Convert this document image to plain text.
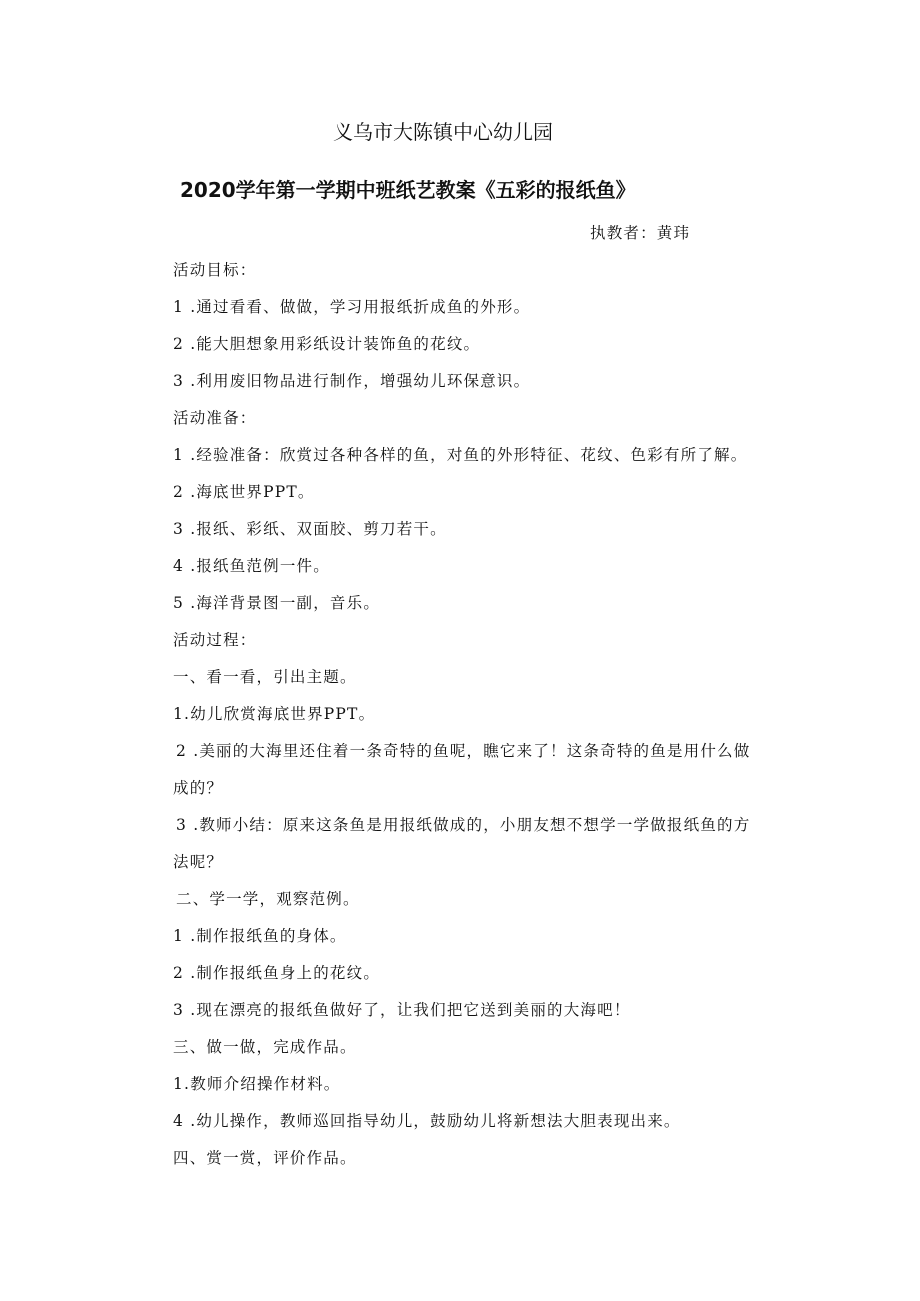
义乌市大陈镇中心幼儿园
2020学年第一学期中班纸艺教案《五彩的报纸鱼》
执教者：黄玮
活动目标：
1 .通过看看、做做，学习用报纸折成鱼的外形。
2 .能大胆想象用彩纸设计装饰鱼的花纹。
3 .利用废旧物品进行制作，增强幼儿环保意识。
活动准备：
1 .经验准备：欣赏过各种各样的鱼，对鱼的外形特征、花纹、色彩有所了解。
2 .海底世界PPT。
3 .报纸、彩纸、双面胶、剪刀若干。
4 .报纸鱼范例一件。
5 .海洋背景图一副，音乐。
活动过程：
一、看一看，引出主题。
1.幼儿欣赏海底世界PPT。
2 .美丽的大海里还住着一条奇特的鱼呢，瞧它来了！这条奇特的鱼是用什么做
成的？
3 .教师小结：原来这条鱼是用报纸做成的，小朋友想不想学一学做报纸鱼的方
法呢？
二、学一学，观察范例。
1 .制作报纸鱼的身体。
2 .制作报纸鱼身上的花纹。
3 .现在漂亮的报纸鱼做好了，让我们把它送到美丽的大海吧！
三、做一做，完成作品。
1.教师介绍操作材料。
4 .幼儿操作，教师巡回指导幼儿，鼓励幼儿将新想法大胆表现出来。
四、赏一赏，评价作品。
